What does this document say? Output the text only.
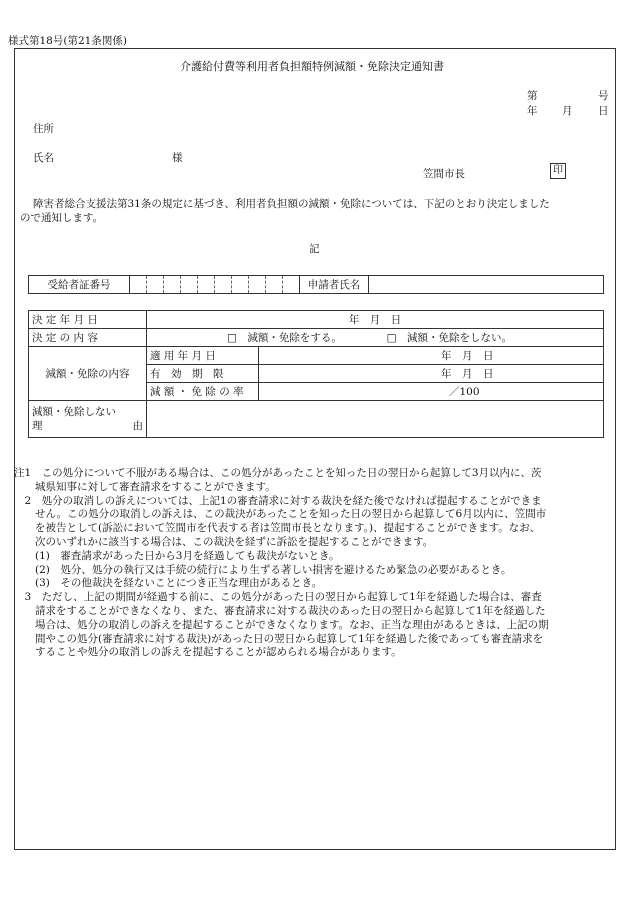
様式第18号(第21条関係)
介護給付費等利用者負担額特例減額・免除決定通知書
第	号
年 月 日
住所
氏名	様
笠間市長	印
障害者総合支援法第31条の規定に基づき、利用者負担額の減額・免除については、下記のとおり決定しました
ので通知します。
記
受給者証番号											申請者氏名	
決 定 年 月 日	年　月　日	
決 定 の 内 容	□　減額・免除をする。 □　減額・免除をしない。	
減額・免除の内容	適 用 年 月 日	年　月　日
	有　効　期　限	年　月　日
	減 額 ・ 免 除 の 率	／100

減額・免除しない
理 由		

注1　この処分について不服がある場合は、この処分があったことを知った日の翌日から起算して3月以内に、茨

　　城県知事に対して審査請求をすることができます。

　2　処分の取消しの訴えについては、上記1の審査請求に対する裁決を経た後でなければ提起することができま

　　せん。この処分の取消しの訴えは、この裁決があったことを知った日の翌日から起算して6月以内に、笠間市

　　を被告として(訴訟において笠間市を代表する者は笠間市長となります。)、提起することができます。なお、

　　次のいずれかに該当する場合は、この裁決を経ずに訴訟を提起することができます。

　　(1)　審査請求があった日から3月を経過しても裁決がないとき。

　　(2)　処分、処分の執行又は手続の続行により生ずる著しい損害を避けるため緊急の必要があるとき。

　　(3)　その他裁決を経ないことにつき正当な理由があるとき。

　3　ただし、上記の期間が経過する前に、この処分があった日の翌日から起算して1年を経過した場合は、審査

　　請求をすることができなくなり、また、審査請求に対する裁決のあった日の翌日から起算して1年を経過した

　　場合は、処分の取消しの訴えを提起することができなくなります。なお、正当な理由があるときは、上記の期

　　間やこの処分(審査請求に対する裁決)があった日の翌日から起算して1年を経過した後であっても審査請求を

　　することや処分の取消しの訴えを提起することが認められる場合があります。
